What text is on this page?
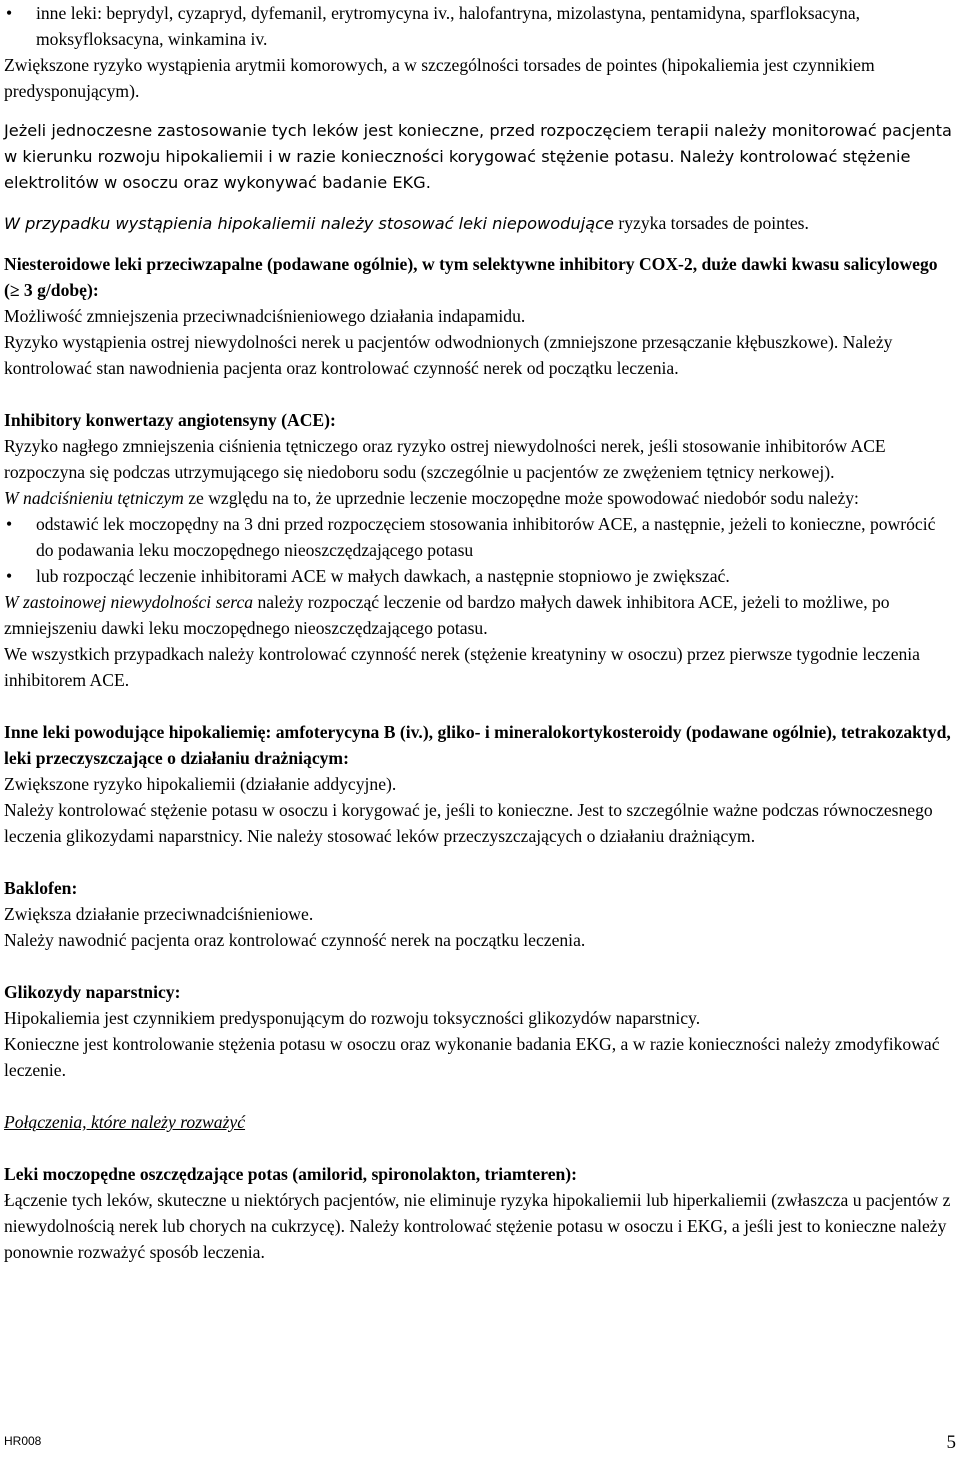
• inne leki: beprydyl, cyzapryd, dyfemanil, erytromycyna iv., halofantryna, mizolastyna, pentamidyna, sparfloksacyna, moksyfloksacyna, winkamina iv.

Zwiększone ryzyko wystąpienia arytmii komorowych, a w szczególności torsades de pointes (hipokaliemia jest czynnikiem predysponującym).

Jeżeli jednoczesne zastosowanie tych leków jest konieczne, przed rozpoczęciem terapii należy monitorować pacjenta w kierunku rozwoju hipokaliemii i w razie konieczności korygować stężenie potasu. Należy kontrolować stężenie elektrolitów w osoczu oraz wykonywać badanie EKG.

W przypadku wystąpienia hipokaliemii należy stosować leki niepowodujące ryzyka torsades de pointes.

Niesteroidowe leki przeciwzapalne (podawane ogólnie), w tym selektywne inhibitory COX-2, duże dawki kwasu salicylowego (≥ 3 g/dobę):

Możliwość zmniejszenia przeciwnadciśnieniowego działania indapamidu.

Ryzyko wystąpienia ostrej niewydolności nerek u pacjentów odwodnionych (zmniejszone przesączanie kłębuszkowe). Należy kontrolować stan nawodnienia pacjenta oraz kontrolować czynność nerek od początku leczenia.

Inhibitory konwertazy angiotensyny (ACE):

Ryzyko nagłego zmniejszenia ciśnienia tętniczego oraz ryzyko ostrej niewydolności nerek, jeśli stosowanie inhibitorów ACE rozpoczyna się podczas utrzymującego się niedoboru sodu (szczególnie u pacjentów ze zwężeniem tętnicy nerkowej).

W nadciśnieniu tętniczym ze względu na to, że uprzednie leczenie moczopędne może spowodować niedobór sodu należy:

• odstawić lek moczopędny na 3 dni przed rozpoczęciem stosowania inhibitorów ACE, a następnie, jeżeli to konieczne, powrócić do podawania leku moczopędnego nieoszczędzającego potasu
• lub rozpocząć leczenie inhibitorami ACE w małych dawkach, a następnie stopniowo je zwiększać.

W zastoinowej niewydolności serca należy rozpocząć leczenie od bardzo małych dawek inhibitora ACE, jeżeli to możliwe, po zmniejszeniu dawki leku moczopędnego nieoszczędzającego potasu.

We wszystkich przypadkach należy kontrolować czynność nerek (stężenie kreatyniny w osoczu) przez pierwsze tygodnie leczenia inhibitorem ACE.

Inne leki powodujące hipokaliemię: amfoterycyna B (iv.), gliko- i mineralokortykosteroidy (podawane ogólnie), tetrakozaktyd, leki przeczyszczające o działaniu drażniącym:

Zwiększone ryzyko hipokaliemii (działanie addycyjne).

Należy kontrolować stężenie potasu w osoczu i korygować je, jeśli to konieczne. Jest to szczególnie ważne podczas równoczesnego leczenia glikozydami naparstnicy. Nie należy stosować leków przeczyszczających o działaniu drażniącym.

Baklofen:

Zwiększa działanie przeciwnadciśnieniowe.

Należy nawodnić pacjenta oraz kontrolować czynność nerek na początku leczenia.

Glikozydy naparstnicy:

Hipokaliemia jest czynnikiem predysponującym do rozwoju toksyczności glikozydów naparstnicy.

Konieczne jest kontrolowanie stężenia potasu w osoczu oraz wykonanie badania EKG, a w razie konieczności należy zmodyfikować leczenie.

Połączenia, które należy rozważyć

Leki moczopędne oszczędzające potas (amilorid, spironolakton, triamteren):

Łączenie tych leków, skuteczne u niektórych pacjentów, nie eliminuje ryzyka hipokaliemii lub hiperkaliemii (zwłaszcza u pacjentów z niewydolnością nerek lub chorych na cukrzycę). Należy kontrolować stężenie potasu w osoczu i EKG, a jeśli jest to konieczne należy ponownie rozważyć sposób leczenia.

HR008	5
